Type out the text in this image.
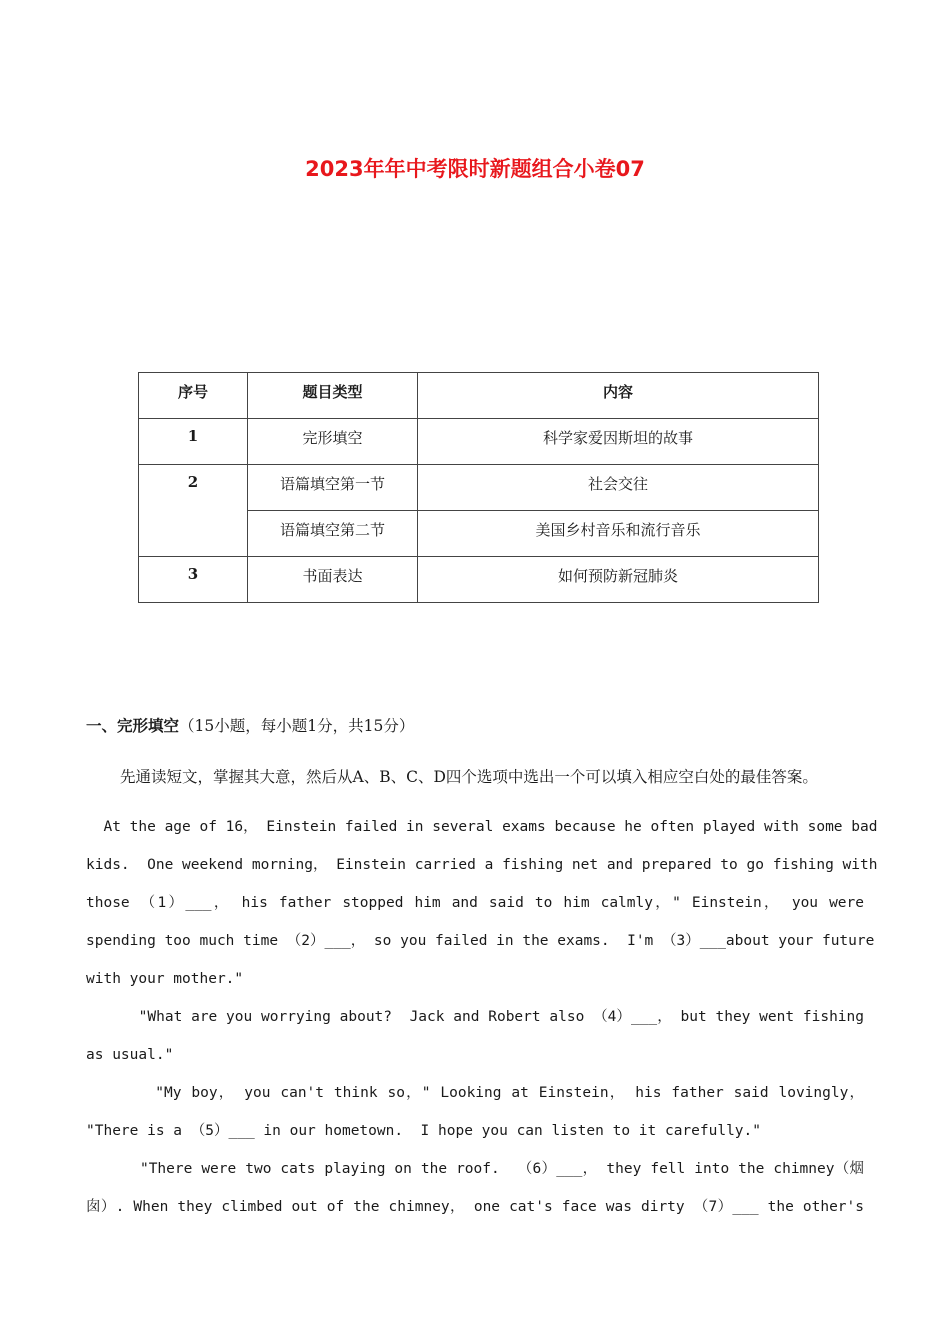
2023年年中考限时新题组合小卷07
序号	题目类型	内容
1	完形填空	科学家爱因斯坦的故事
2	语篇填空第一节	社会交往
	语篇填空第二节	美国乡村音乐和流行音乐
3	书面表达	如何预防新冠肺炎
一、完形填空（15小题，每小题1分，共15分）
先通读短文，掌握其大意，然后从A、B、C、D四个选项中选出一个可以填入相应空白处的最佳答案。
At the age of 16， Einstein failed in several exams because he often played with some bad
kids.  One weekend morning， Einstein carried a fishing net and prepared to go fishing with
those （1）___， his father stopped him and said to him calmly，" Einstein， you were
spending too much time （2）___， so you failed in the exams.  I'm （3）___about your future
with your mother."
"What are you worrying about?  Jack and Robert also （4）___， but they went fishing
as usual."
"My boy， you can't think so，" Looking at Einstein， his father said lovingly，
"There is a （5）___ in our hometown.  I hope you can listen to it carefully."
"There were two cats playing on the roof.  （6）___， they fell into the chimney（烟
囱）. When they climbed out of the chimney， one cat's face was dirty （7）___ the other's
